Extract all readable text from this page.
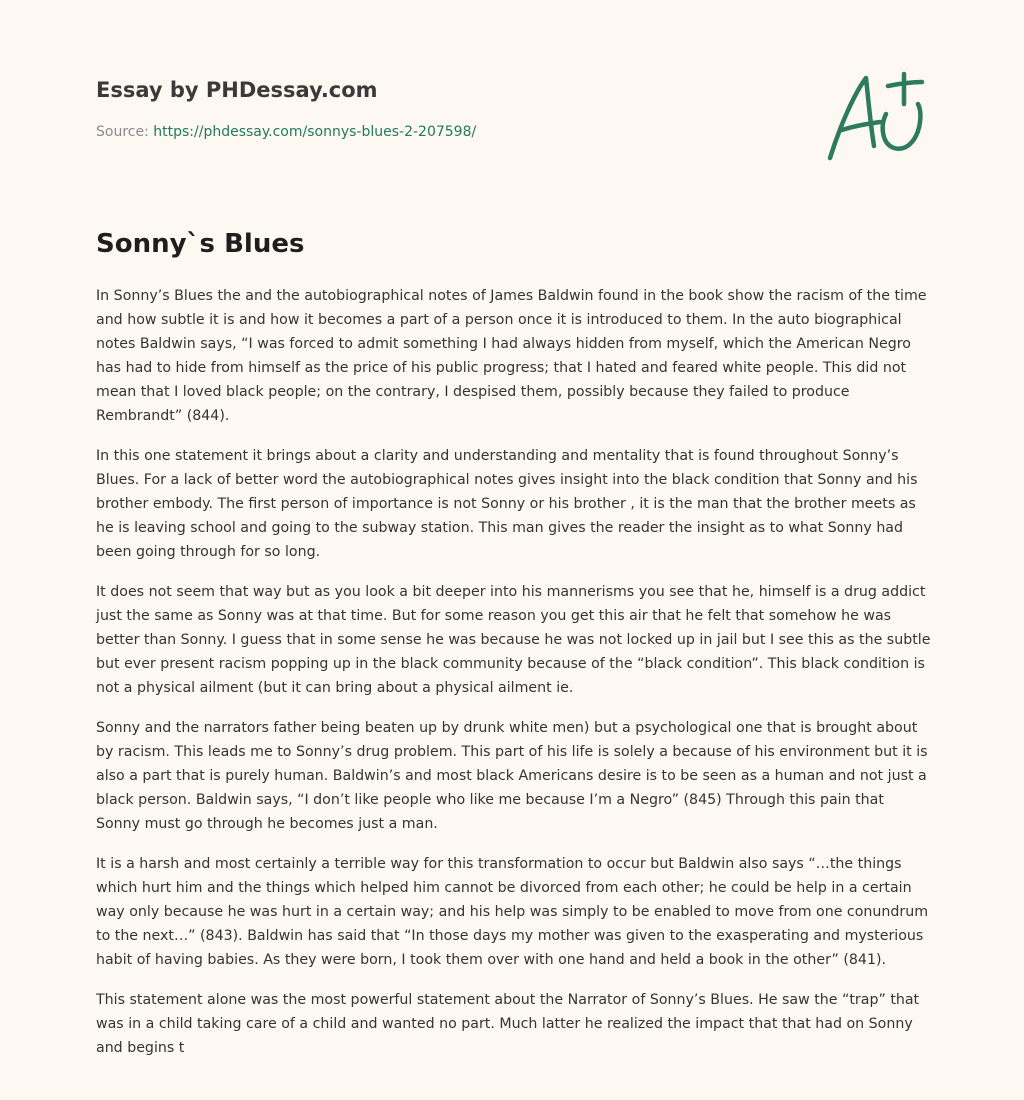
Essay by PHDessay.com
Source: https://phdessay.com/sonnys-blues-2-207598/
Sonny`s Blues

In Sonny’s Blues the and the autobiographical notes of James Baldwin found in the book show the racism of the time and how subtle it is and how it becomes a part of a person once it is introduced to them. In the auto biographical notes Baldwin says, “I was forced to admit something I had always hidden from myself, which the American Negro has had to hide from himself as the price of his public progress; that I hated and feared white people. This did not mean that I loved black people; on the contrary, I despised them, possibly because they failed to produce Rembrandt” (844).

In this one statement it brings about a clarity and understanding and mentality that is found throughout Sonny’s Blues. For a lack of better word the autobiographical notes gives insight into the black condition that Sonny and his brother embody. The first person of importance is not Sonny or his brother , it is the man that the brother meets as he is leaving school and going to the subway station. This man gives the reader the insight as to what Sonny had been going through for so long.

It does not seem that way but as you look a bit deeper into his mannerisms you see that he, himself is a drug addict just the same as Sonny was at that time. But for some reason you get this air that he felt that somehow he was better than Sonny. I guess that in some sense he was because he was not locked up in jail but I see this as the subtle but ever present racism popping up in the black community because of the “black condition”. This black condition is not a physical ailment (but it can bring about a physical ailment ie.

Sonny and the narrators father being beaten up by drunk white men) but a psychological one that is brought about by racism. This leads me to Sonny’s drug problem. This part of his life is solely a because of his environment but it is also a part that is purely human. Baldwin’s and most black Americans desire is to be seen as a human and not just a black person. Baldwin says, “I don’t like people who like me because I’m a Negro” (845) Through this pain that Sonny must go through he becomes just a man.

It is a harsh and most certainly a terrible way for this transformation to occur but Baldwin also says “…the things which hurt him and the things which helped him cannot be divorced from each other; he could be help in a certain way only because he was hurt in a certain way; and his help was simply to be enabled to move from one conundrum to the next…” (843). Baldwin has said that “In those days my mother was given to the exasperating and mysterious habit of having babies. As they were born, I took them over with one hand and held a book in the other” (841).

This statement alone was the most powerful statement about the Narrator of Sonny’s Blues. He saw the “trap” that was in a child taking care of a child and wanted no part. Much latter he realized the impact that that had on Sonny and begins t
